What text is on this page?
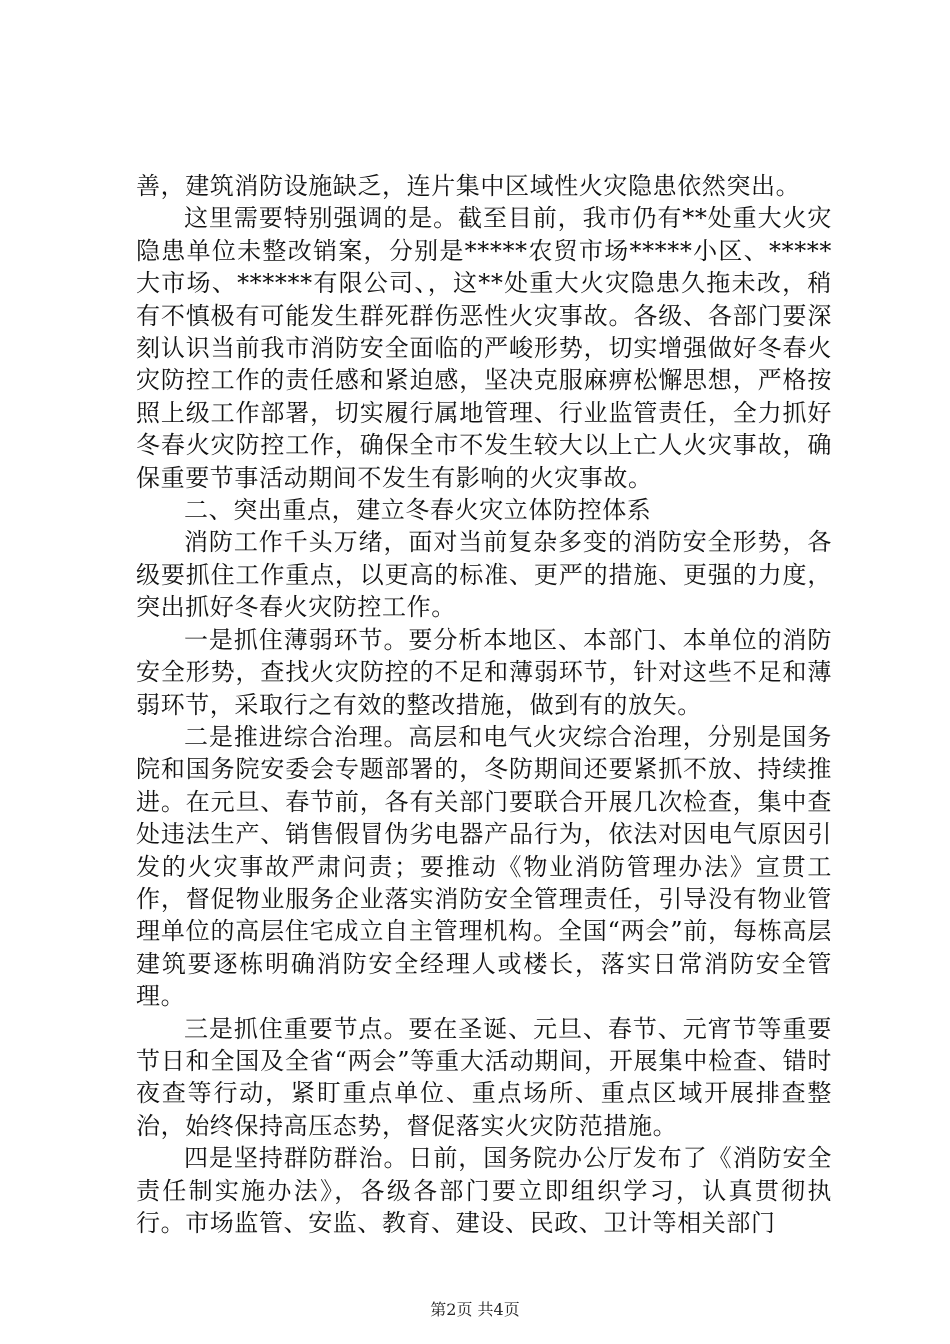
善，建筑消防设施缺乏，连片集中区域性火灾隐患依然突出。

这里需要特别强调的是。截至目前，我市仍有**处重大火灾隐患单位未整改销案，分别是*****农贸市场*****小区、*****大市场、******有限公司、，这**处重大火灾隐患久拖未改，稍有不慎极有可能发生群死群伤恶性火灾事故。各级、各部门要深刻认识当前我市消防安全面临的严峻形势，切实增强做好冬春火灾防控工作的责任感和紧迫感，坚决克服麻痹松懈思想，严格按照上级工作部署，切实履行属地管理、行业监管责任，全力抓好冬春火灾防控工作，确保全市不发生较大以上亡人火灾事故，确保重要节事活动期间不发生有影响的火灾事故。

二、突出重点，建立冬春火灾立体防控体系

消防工作千头万绪，面对当前复杂多变的消防安全形势，各级要抓住工作重点，以更高的标准、更严的措施、更强的力度，突出抓好冬春火灾防控工作。

一是抓住薄弱环节。要分析本地区、本部门、本单位的消防安全形势，查找火灾防控的不足和薄弱环节，针对这些不足和薄弱环节，采取行之有效的整改措施，做到有的放矢。

二是推进综合治理。高层和电气火灾综合治理，分别是国务院和国务院安委会专题部署的，冬防期间还要紧抓不放、持续推进。在元旦、春节前，各有关部门要联合开展几次检查，集中查处违法生产、销售假冒伪劣电器产品行为，依法对因电气原因引发的火灾事故严肃问责；要推动《物业消防管理办法》宣贯工作，督促物业服务企业落实消防安全管理责任，引导没有物业管理单位的高层住宅成立自主管理机构。全国“两会”前，每栋高层建筑要逐栋明确消防安全经理人或楼长，落实日常消防安全管理。

三是抓住重要节点。要在圣诞、元旦、春节、元宵节等重要节日和全国及全省“两会”等重大活动期间，开展集中检查、错时夜查等行动，紧盯重点单位、重点场所、重点区域开展排查整治，始终保持高压态势，督促落实火灾防范措施。

四是坚持群防群治。日前，国务院办公厅发布了《消防安全责任制实施办法》，各级各部门要立即组织学习，认真贯彻执行。市场监管、安监、教育、建设、民政、卫计等相关部门

第2页 共4页
